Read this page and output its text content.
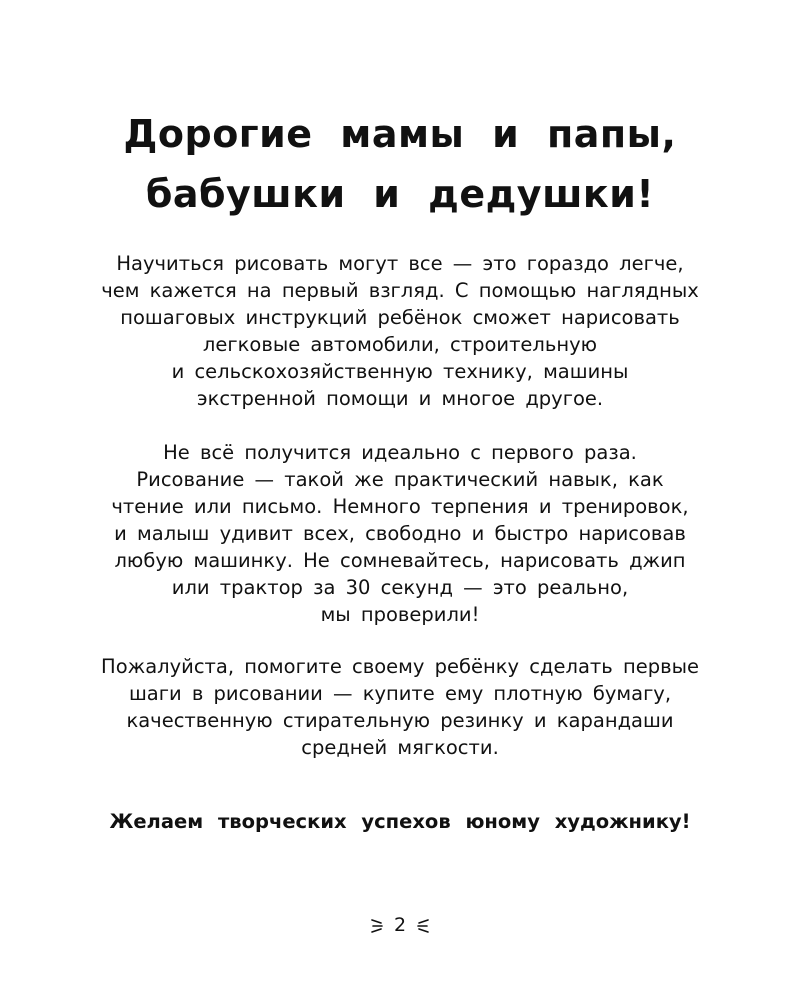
Дорогие мамы и папы,
бабушки и дедушки!
Научиться рисовать могут все — это гораздо легче,
чем кажется на первый взгляд. С помощью наглядных
пошаговых инструкций ребёнок сможет нарисовать
легковые автомобили, строительную
и сельскохозяйственную технику, машины
экстренной помощи и многое другое.
Не всё получится идеально с первого раза.
Рисование — такой же практический навык, как
чтение или письмо. Немного терпения и тренировок,
и малыш удивит всех, свободно и быстро нарисовав
любую машинку. Не сомневайтесь, нарисовать джип
или трактор за 30 секунд — это реально,
мы проверили!
Пожалуйста, помогите своему ребёнку сделать первые
шаги в рисовании — купите ему плотную бумагу,
качественную стирательную резинку и карандаши
средней мягкости.
Желаем творческих успехов юному художнику!
2
